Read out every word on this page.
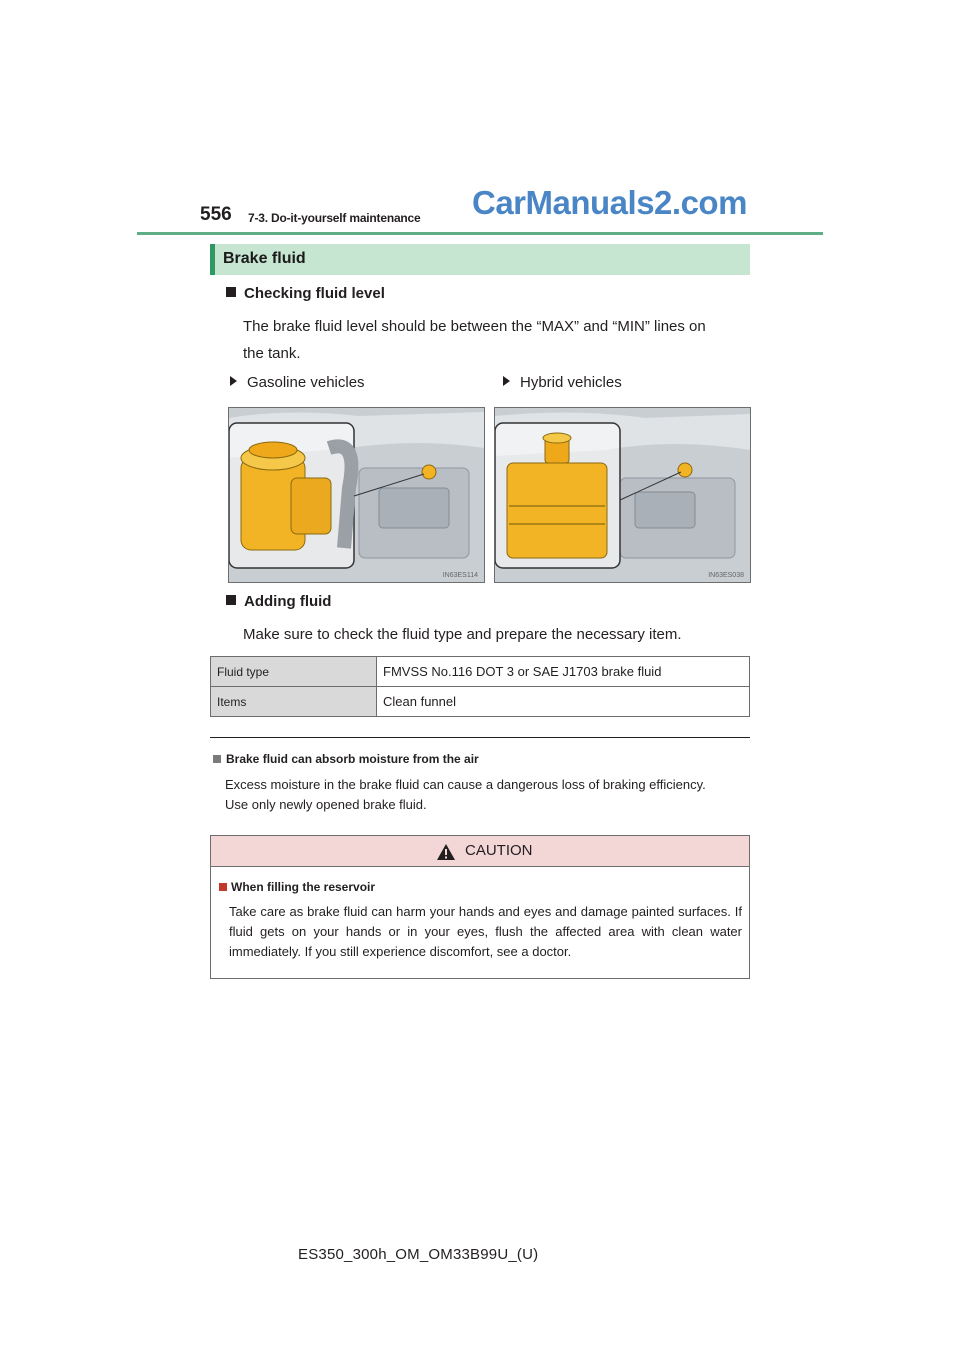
556 7-3. Do-it-yourself maintenance CarManuals2.com
Brake fluid
Checking fluid level
The brake fluid level should be between the “MAX” and “MIN” lines on
the tank.
Gasoline vehicles	Hybrid vehicles
IN63ES114	IN63ES038
Adding fluid
Make sure to check the fluid type and prepare the necessary item.
Fluid type	FMVSS No.116 DOT 3 or SAE J1703 brake fluid
Items	Clean funnel
Brake fluid can absorb moisture from the air
Excess moisture in the brake fluid can cause a dangerous loss of braking efficiency.
Use only newly opened brake fluid.
CAUTION
When filling the reservoir
Take care as brake fluid can harm your hands and eyes and damage painted surfaces. If fluid gets on your hands or in your eyes, flush the affected area with clean water immediately. If you still experience discomfort, see a doctor.
ES350_300h_OM_OM33B99U_(U)
